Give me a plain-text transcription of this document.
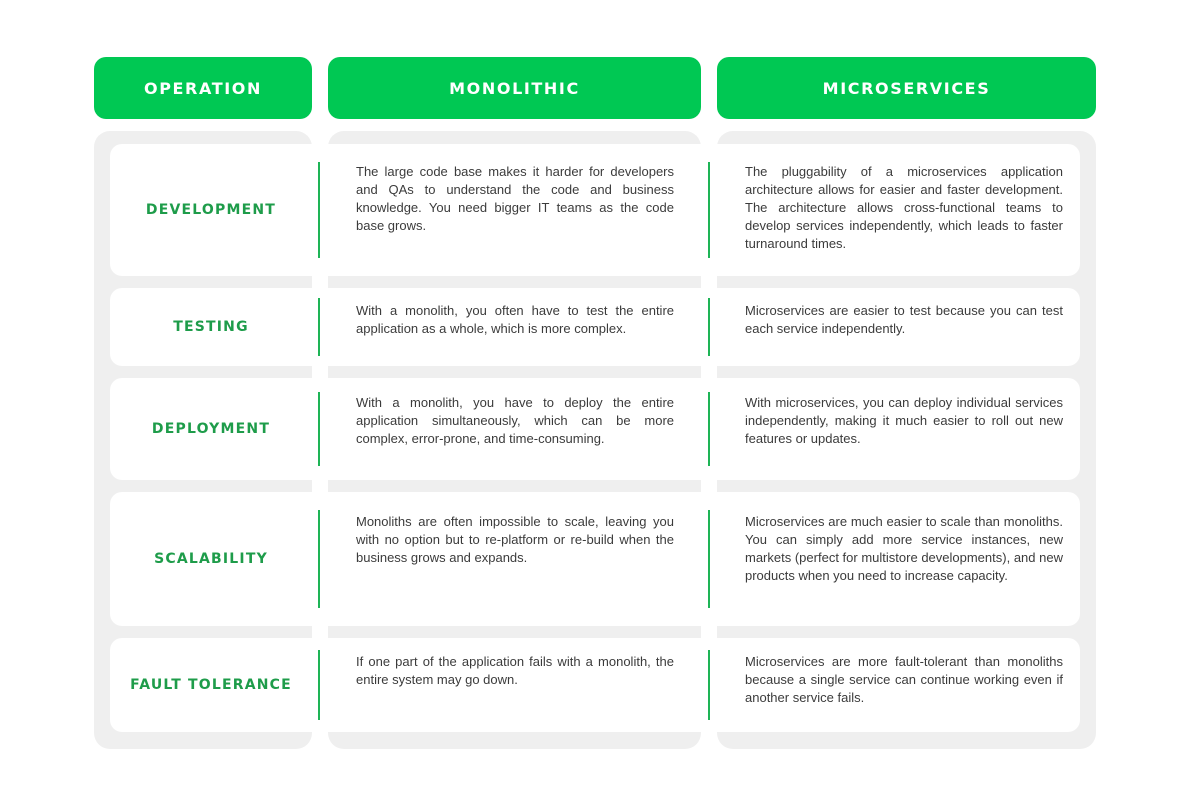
OPERATION	MONOLITHIC	MICROSERVICES
DEVELOPMENT
The large code base makes it harder for developers and QAs to understand the code and business knowledge. You need bigger IT teams as the code base grows.
The pluggability of a microservices application architecture allows for easier and faster development. The architecture allows cross-functional teams to develop services independently, which leads to faster turnaround times.
TESTING
With a monolith, you often have to test the entire application as a whole, which is more complex.
Microservices are easier to test because you can test each service independently.
DEPLOYMENT
With a monolith, you have to deploy the entire application simultaneously, which can be more complex, error-prone, and time-consuming.
With microservices, you can deploy individual services independently, making it much easier to roll out new features or updates.
SCALABILITY
Monoliths are often impossible to scale, leaving you with no option but to re-platform or re-build when the business grows and expands.
Microservices are much easier to scale than monoliths. You can simply add more service instances, new markets (perfect for multistore developments), and new products when you need to increase capacity.
FAULT TOLERANCE
If one part of the application fails with a monolith, the entire system may go down.
Microservices are more fault-tolerant than monoliths because a single service can continue working even if another service fails.
